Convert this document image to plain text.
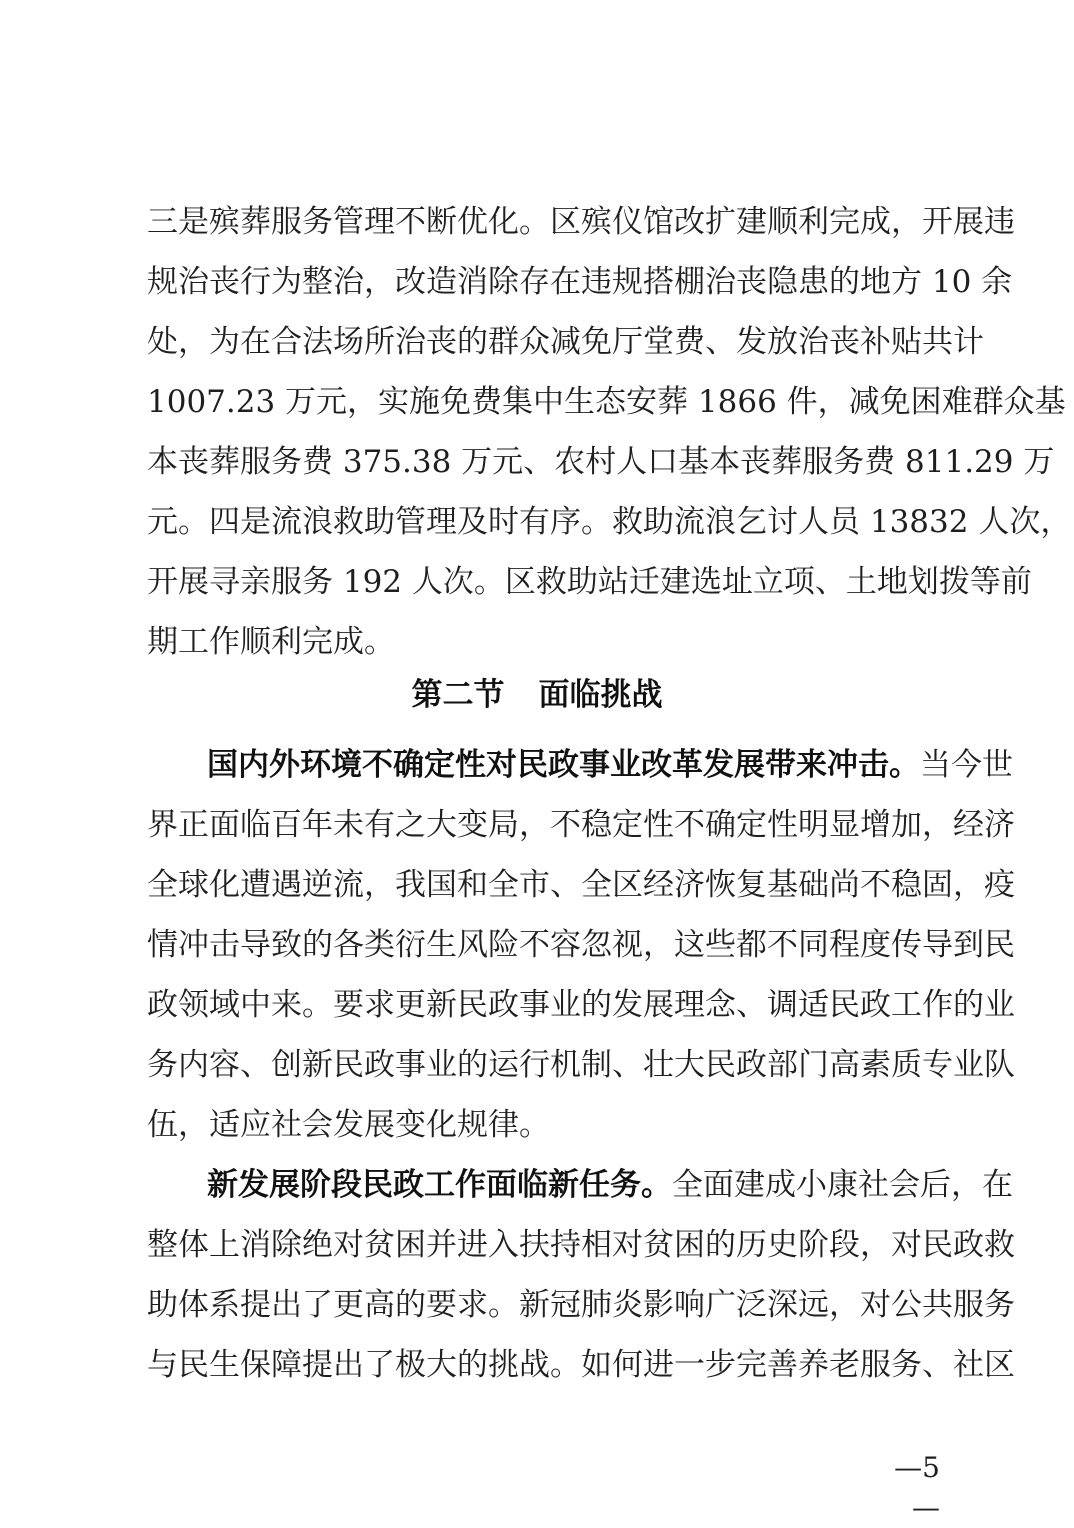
三是殡葬服务管理不断优化。区殡仪馆改扩建顺利完成，开展违
规治丧行为整治，改造消除存在违规搭棚治丧隐患的地方 10 余
处，为在合法场所治丧的群众减免厅堂费、发放治丧补贴共计
1007.23 万元，实施免费集中生态安葬 1866 件，减免困难群众基
本丧葬服务费 375.38 万元、农村人口基本丧葬服务费 811.29 万
元。四是流浪救助管理及时有序。救助流浪乞讨人员 13832 人次，
开展寻亲服务 192 人次。区救助站迁建选址立项、土地划拨等前
期工作顺利完成。
第二节 面临挑战
国内外环境不确定性对民政事业改革发展带来冲击。当今世
界正面临百年未有之大变局，不稳定性不确定性明显增加，经济
全球化遭遇逆流，我国和全市、全区经济恢复基础尚不稳固，疫
情冲击导致的各类衍生风险不容忽视，这些都不同程度传导到民
政领域中来。要求更新民政事业的发展理念、调适民政工作的业
务内容、创新民政事业的运行机制、壮大民政部门高素质专业队
伍，适应社会发展变化规律。
新发展阶段民政工作面临新任务。全面建成小康社会后，在
整体上消除绝对贫困并进入扶持相对贫困的历史阶段，对民政救
助体系提出了更高的要求。新冠肺炎影响广泛深远，对公共服务
与民生保障提出了极大的挑战。如何进一步完善养老服务、社区
—5—
